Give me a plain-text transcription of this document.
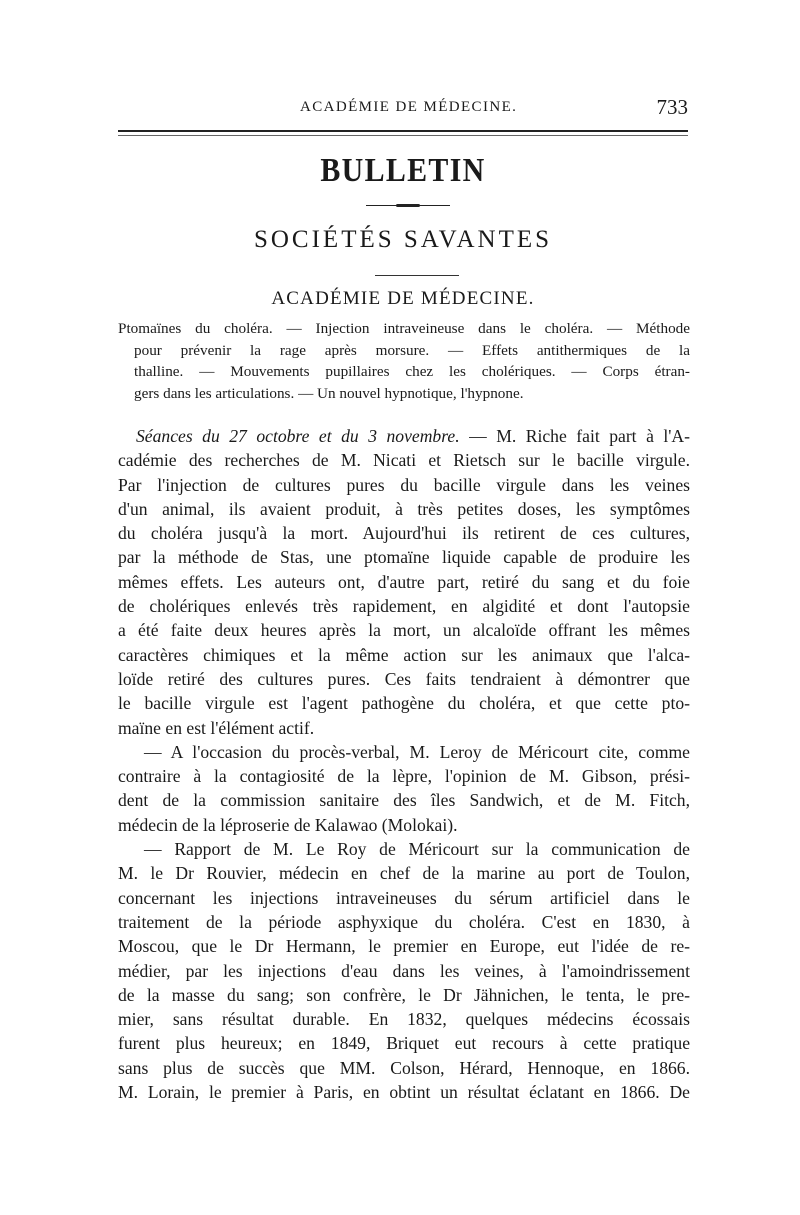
ACADÉMIE DE MÉDECINE.	733
BULLETIN
SOCIÉTÉS SAVANTES
ACADÉMIE DE MÉDECINE.
Ptomaïnes du choléra. — Injection intraveineuse dans le choléra. — Méthode
pour prévenir la rage après morsure. — Effets antithermiques de la
thalline. — Mouvements pupillaires chez les cholériques. — Corps étran-
gers dans les articulations. — Un nouvel hypnotique, l'hypnone.
Séances du 27 octobre et du 3 novembre. — M. Riche fait part à l'A-
cadémie des recherches de M. Nicati et Rietsch sur le bacille virgule.
Par l'injection de cultures pures du bacille virgule dans les veines
d'un animal, ils avaient produit, à très petites doses, les symptômes
du choléra jusqu'à la mort. Aujourd'hui ils retirent de ces cultures,
par la méthode de Stas, une ptomaïne liquide capable de produire les
mêmes effets. Les auteurs ont, d'autre part, retiré du sang et du foie
de cholériques enlevés très rapidement, en algidité et dont l'autopsie
a été faite deux heures après la mort, un alcaloïde offrant les mêmes
caractères chimiques et la même action sur les animaux que l'alca-
loïde retiré des cultures pures. Ces faits tendraient à démontrer que
le bacille virgule est l'agent pathogène du choléra, et que cette pto-
maïne en est l'élément actif.
— A l'occasion du procès-verbal, M. Leroy de Méricourt cite, comme
contraire à la contagiosité de la lèpre, l'opinion de M. Gibson, prési-
dent de la commission sanitaire des îles Sandwich, et de M. Fitch,
médecin de la léproserie de Kalawao (Molokai).
— Rapport de M. Le Roy de Méricourt sur la communication de
M. le Dr Rouvier, médecin en chef de la marine au port de Toulon,
concernant les injections intraveineuses du sérum artificiel dans le
traitement de la période asphyxique du choléra. C'est en 1830, à
Moscou, que le Dr Hermann, le premier en Europe, eut l'idée de re-
médier, par les injections d'eau dans les veines, à l'amoindrissement
de la masse du sang; son confrère, le Dr Jähnichen, le tenta, le pre-
mier, sans résultat durable. En 1832, quelques médecins écossais
furent plus heureux; en 1849, Briquet eut recours à cette pratique
sans plus de succès que MM. Colson, Hérard, Hennoque, en 1866.
M. Lorain, le premier à Paris, en obtint un résultat éclatant en 1866. De
